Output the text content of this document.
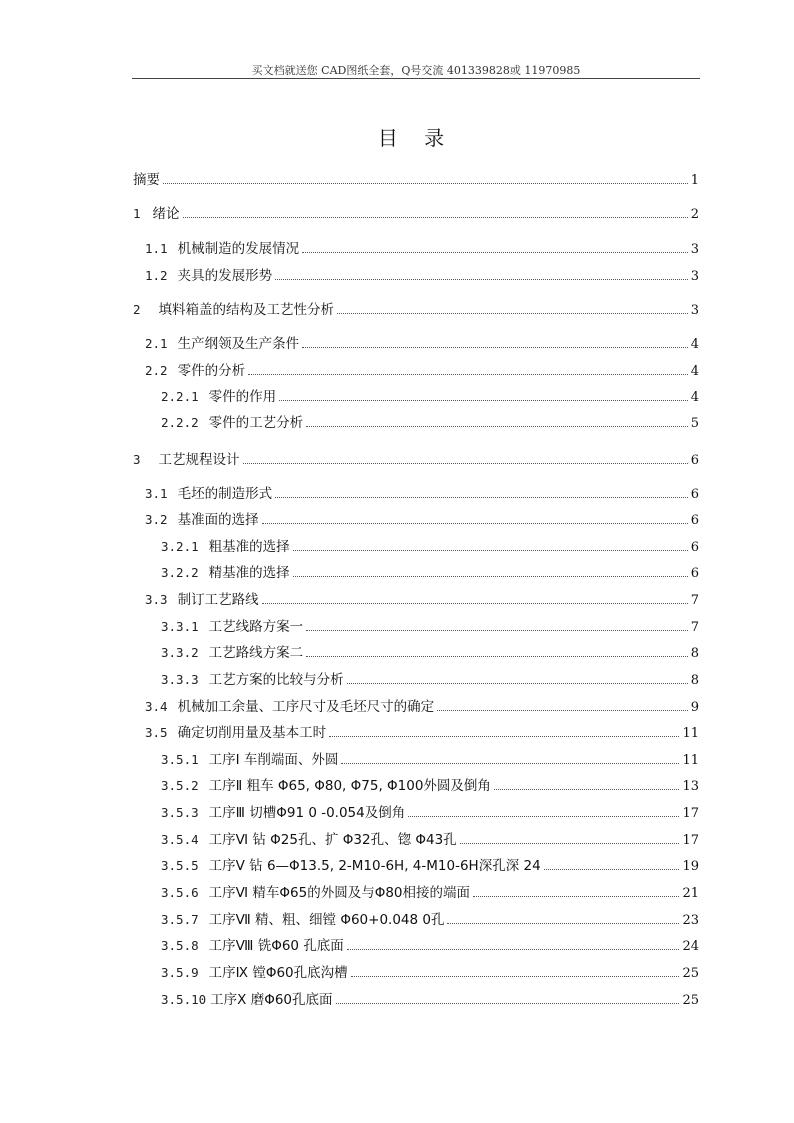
买文档就送您 CAD图纸全套，Q号交流 401339828或 11970985
目 录
摘要	1
1 绪论	2
1.1 机械制造的发展情况	3
1.2 夹具的发展形势	3
2 填料箱盖的结构及工艺性分析	3
2.1 生产纲领及生产条件	4
2.2 零件的分析	4
2.2.1 零件的作用	4
2.2.2 零件的工艺分析	5
3 工艺规程设计	6
3.1 毛坯的制造形式	6
3.2 基准面的选择	6
3.2.1 粗基准的选择	6
3.2.2 精基准的选择	6
3.3 制订工艺路线	7
3.3.1 工艺线路方案一	7
3.3.2 工艺路线方案二	8
3.3.3 工艺方案的比较与分析	8
3.4 机械加工余量、工序尺寸及毛坯尺寸的确定	9
3.5 确定切削用量及基本工时	11
3.5.1 工序Ⅰ 车削端面、外圆	11
3.5.2 工序Ⅱ 粗车 Φ65, Φ80, Φ75, Φ100外圆及倒角	13
3.5.3 工序Ⅲ 切槽Φ91 0 -0.054及倒角	17
3.5.4 工序Ⅵ 钻 Φ25孔、扩 Φ32孔、锪 Φ43孔	17
3.5.5 工序Ⅴ 钻 6—Φ13.5, 2-M10-6H, 4-M10-6H深孔深 24	19
3.5.6 工序Ⅵ 精车Φ65的外圆及与Φ80相接的端面	21
3.5.7 工序Ⅶ 精、粗、细镗 Φ60+0.048 0孔	23
3.5.8 工序Ⅷ 铣Φ60 孔底面	24
3.5.9 工序Ⅸ 镗Φ60孔底沟槽	25
3.5.10 工序Ⅹ 磨Φ60孔底面	25
